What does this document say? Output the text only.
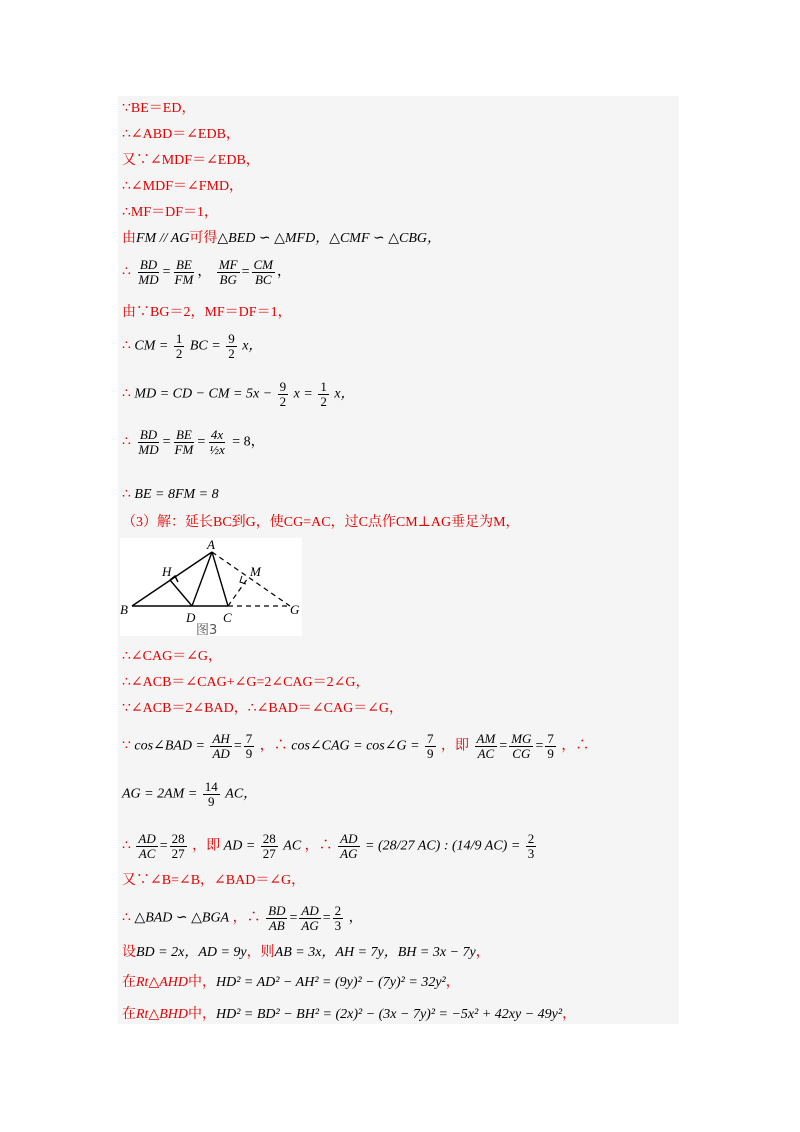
∵BE＝ED，
∴∠ABD＝∠EDB，
又∵∠MDF＝∠EDB，
∴∠MDF＝∠FMD，
∴MF＝DF＝1，
由FM // AG可得△BED ∽ △MFD，△CMF ∽ △CBG，
∴ $\frac{BD}{MD} = \frac{BE}{FM}$ ， $\frac{MF}{BG} = \frac{CM}{BC}$ ，
由∵BG＝2，MF＝DF＝1，
∴ CM = $\frac{1}{2}$ BC = $\frac{9}{2}$ x，
∴ MD = CD − CM = $5x - \frac{9}{2}$ $x = \frac{1}{2}$ x，
∴ $\frac{BD}{MD} = \frac{BE}{FM} = \frac{4x}{\text{½x}} = 8$，
∴ BE = 8FM = 8
（3）解：延长BC到G，使CG=AC，过C点作CM⊥AG垂足为M，
A
B
C
D
G
H	M
图3
∴∠CAG＝∠G，
∴∠ACB＝∠CAG+∠G=2∠CAG＝2∠G，
∵∠ACB＝2∠BAD，∴∠BAD＝∠CAG＝∠G，
∵ cos∠BAD = $\frac{AH}{AD} = \frac{7}{9}$ ，∴ cos∠CAG = cos∠G = $\frac{7}{9}$ ，即 $\frac{AM}{AC} = \frac{MG}{CG} = \frac{7}{9}$ ，∴
AG = $2AM = \frac{14}{9}$ AC，
∴ $\frac{AD}{AC} = \frac{28}{27}$ ，即 AD = $\frac{28}{27}$ AC ，∴ $\frac{AD}{AG} = (28/27$ AC) : (14/9 $AC) = \frac{2}{3}$
又∵∠B=∠B，∠BAD＝∠G，
∴ △BAD ∽ △BGA ，∴ $\frac{BD}{AB} = \frac{AD}{AG} = \frac{2}{3}$ ，
设BD = 2x，AD = 9y，则AB = 3x，AH = 7y，BH = 3x − 7y，
在Rt△AHD中，HD² = AD² − AH² = (9y)² − (7y)² = 32y²，
在Rt△BHD中，HD² = BD² − BH² = (2x)² − (3x − 7y)² = −5x² + 42xy − 49y²，
